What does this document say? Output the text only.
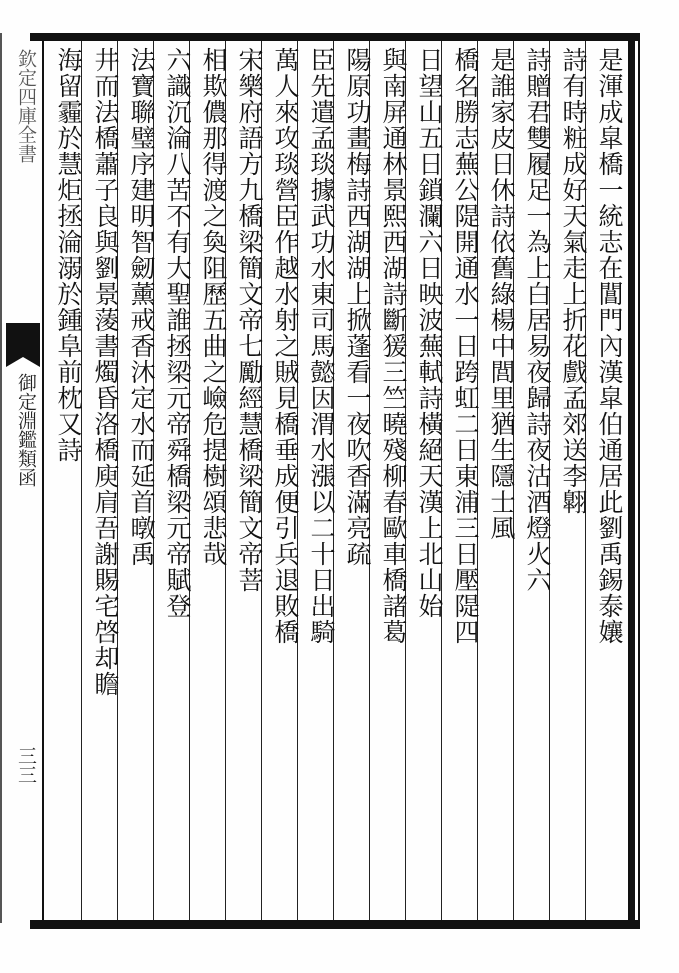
欽定四庫全書
御定淵鑑類函
三三
是渾成皐橋一統志在閶門內漢皐伯通居此劉禹錫泰孃
詩有時粧成好天氣走上折花戲孟郊送李翺
詩贈君雙履足一為上白居易夜歸詩夜沽酒燈火六
是誰家皮日休詩依舊綠楊中閭里猶生隱士風
橋名勝志蕪公隄開通水一日跨虹二日東浦三日壓隄四
日望山五日鎖瀾六日映波蕪軾詩橫絕天漢上北山始
與南屏通林景熙西湖詩斷猨三竺曉殘柳春歐車橋諸葛
陽原功畫梅詩西湖湖上掀蓬看一夜吹香滿亮疏
臣先遣孟琰據武功水東司馬懿因渭水漲以二十日出騎
萬人來攻琰營臣作越水射之賊見橋垂成便引兵退敗橋
宋樂府語方九橋梁簡文帝七勵經慧橋梁簡文帝菩
相欺儂那得渡之奐阻歷五曲之嶮危提樹頌悲哉
六識沉淪八苦不有大聖誰拯梁元帝舜橋梁元帝賦登
法寶聯璧序建明智劒薰戒香沐定水而延首暾禹
井而法橋蕭子良與劉景蔆書燭昏洛橋庾肩吾謝賜宅啓却瞻
海留霾於慧炬拯淪溺於鍾阜前枕又詩
